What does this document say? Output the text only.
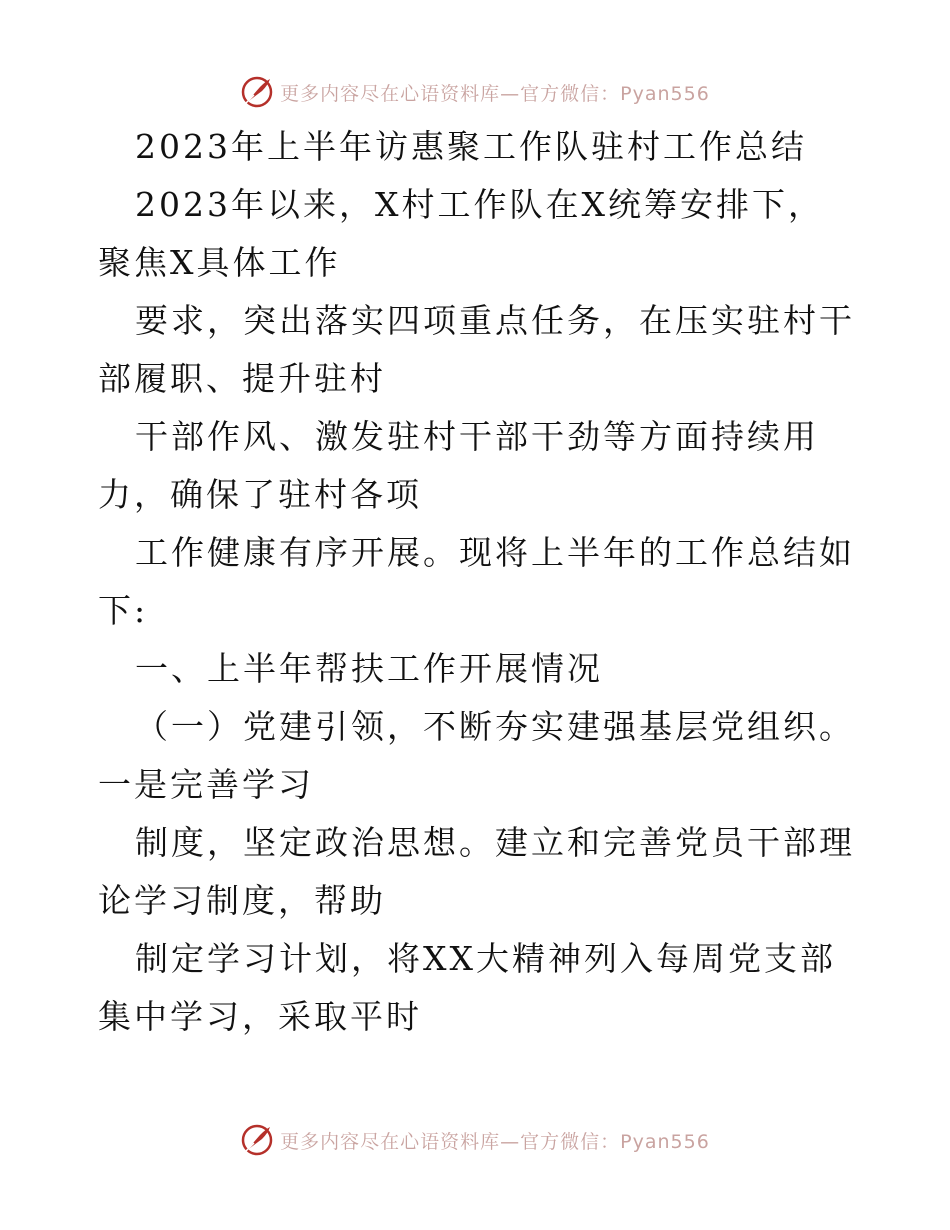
更多内容尽在心语资料库—官方微信：Pyan556

2023年上半年访惠聚工作队驻村工作总结

2023年以来，X村工作队在X统筹安排下，聚焦X具体工作

要求，突出落实四项重点任务，在压实驻村干部履职、提升驻村

干部作风、激发驻村干部干劲等方面持续用力，确保了驻村各项

工作健康有序开展。现将上半年的工作总结如下:

一、上半年帮扶工作开展情况

（一）党建引领，不断夯实建强基层党组织。一是完善学习

制度，坚定政治思想。建立和完善党员干部理论学习制度，帮助

制定学习计划，将XX大精神列入每周党支部集中学习，采取平时

更多内容尽在心语资料库—官方微信：Pyan556
